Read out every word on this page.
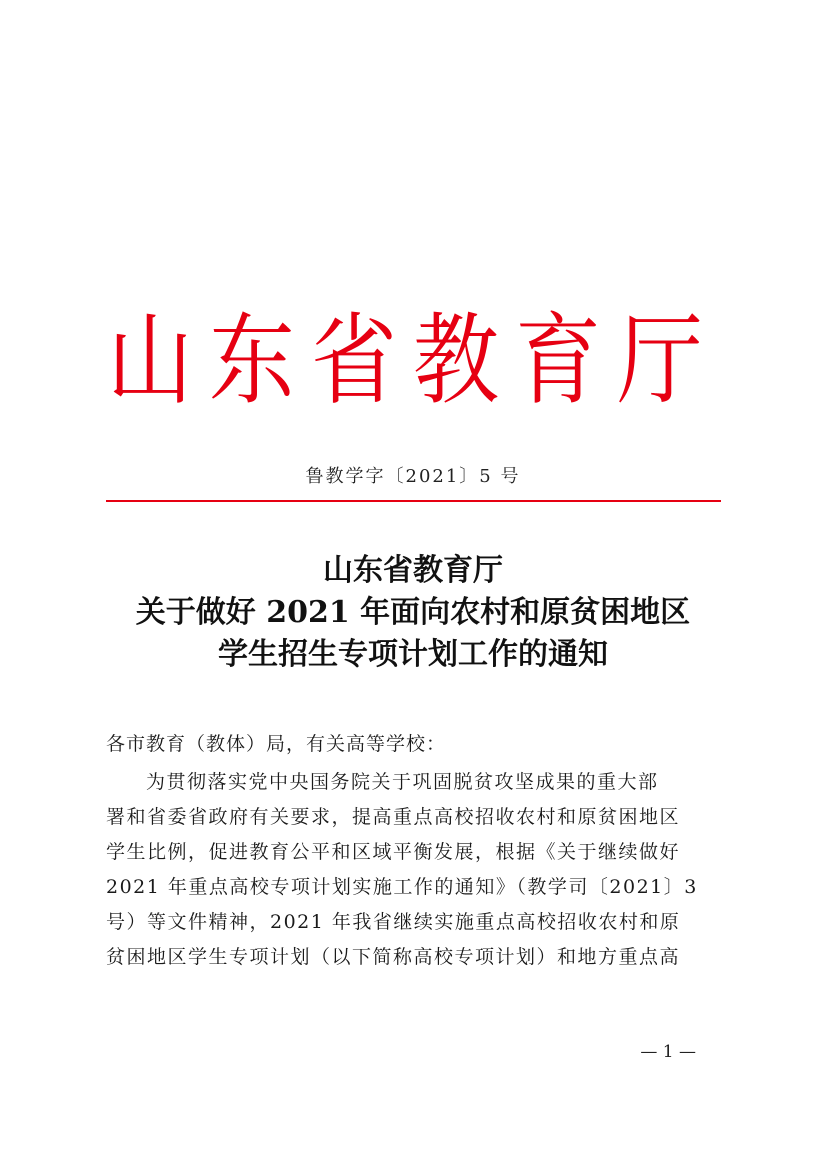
山东省教育厅
鲁教学字〔2021〕5 号
山东省教育厅
关于做好 2021 年面向农村和原贫困地区
学生招生专项计划工作的通知
各市教育（教体）局，有关高等学校：
为贯彻落实党中央国务院关于巩固脱贫攻坚成果的重大部
署和省委省政府有关要求，提高重点高校招收农村和原贫困地区
学生比例，促进教育公平和区域平衡发展，根据《关于继续做好
2021 年重点高校专项计划实施工作的通知》（教学司〔2021〕3
号）等文件精神，2021 年我省继续实施重点高校招收农村和原
贫困地区学生专项计划（以下简称高校专项计划）和地方重点高
— 1 —
